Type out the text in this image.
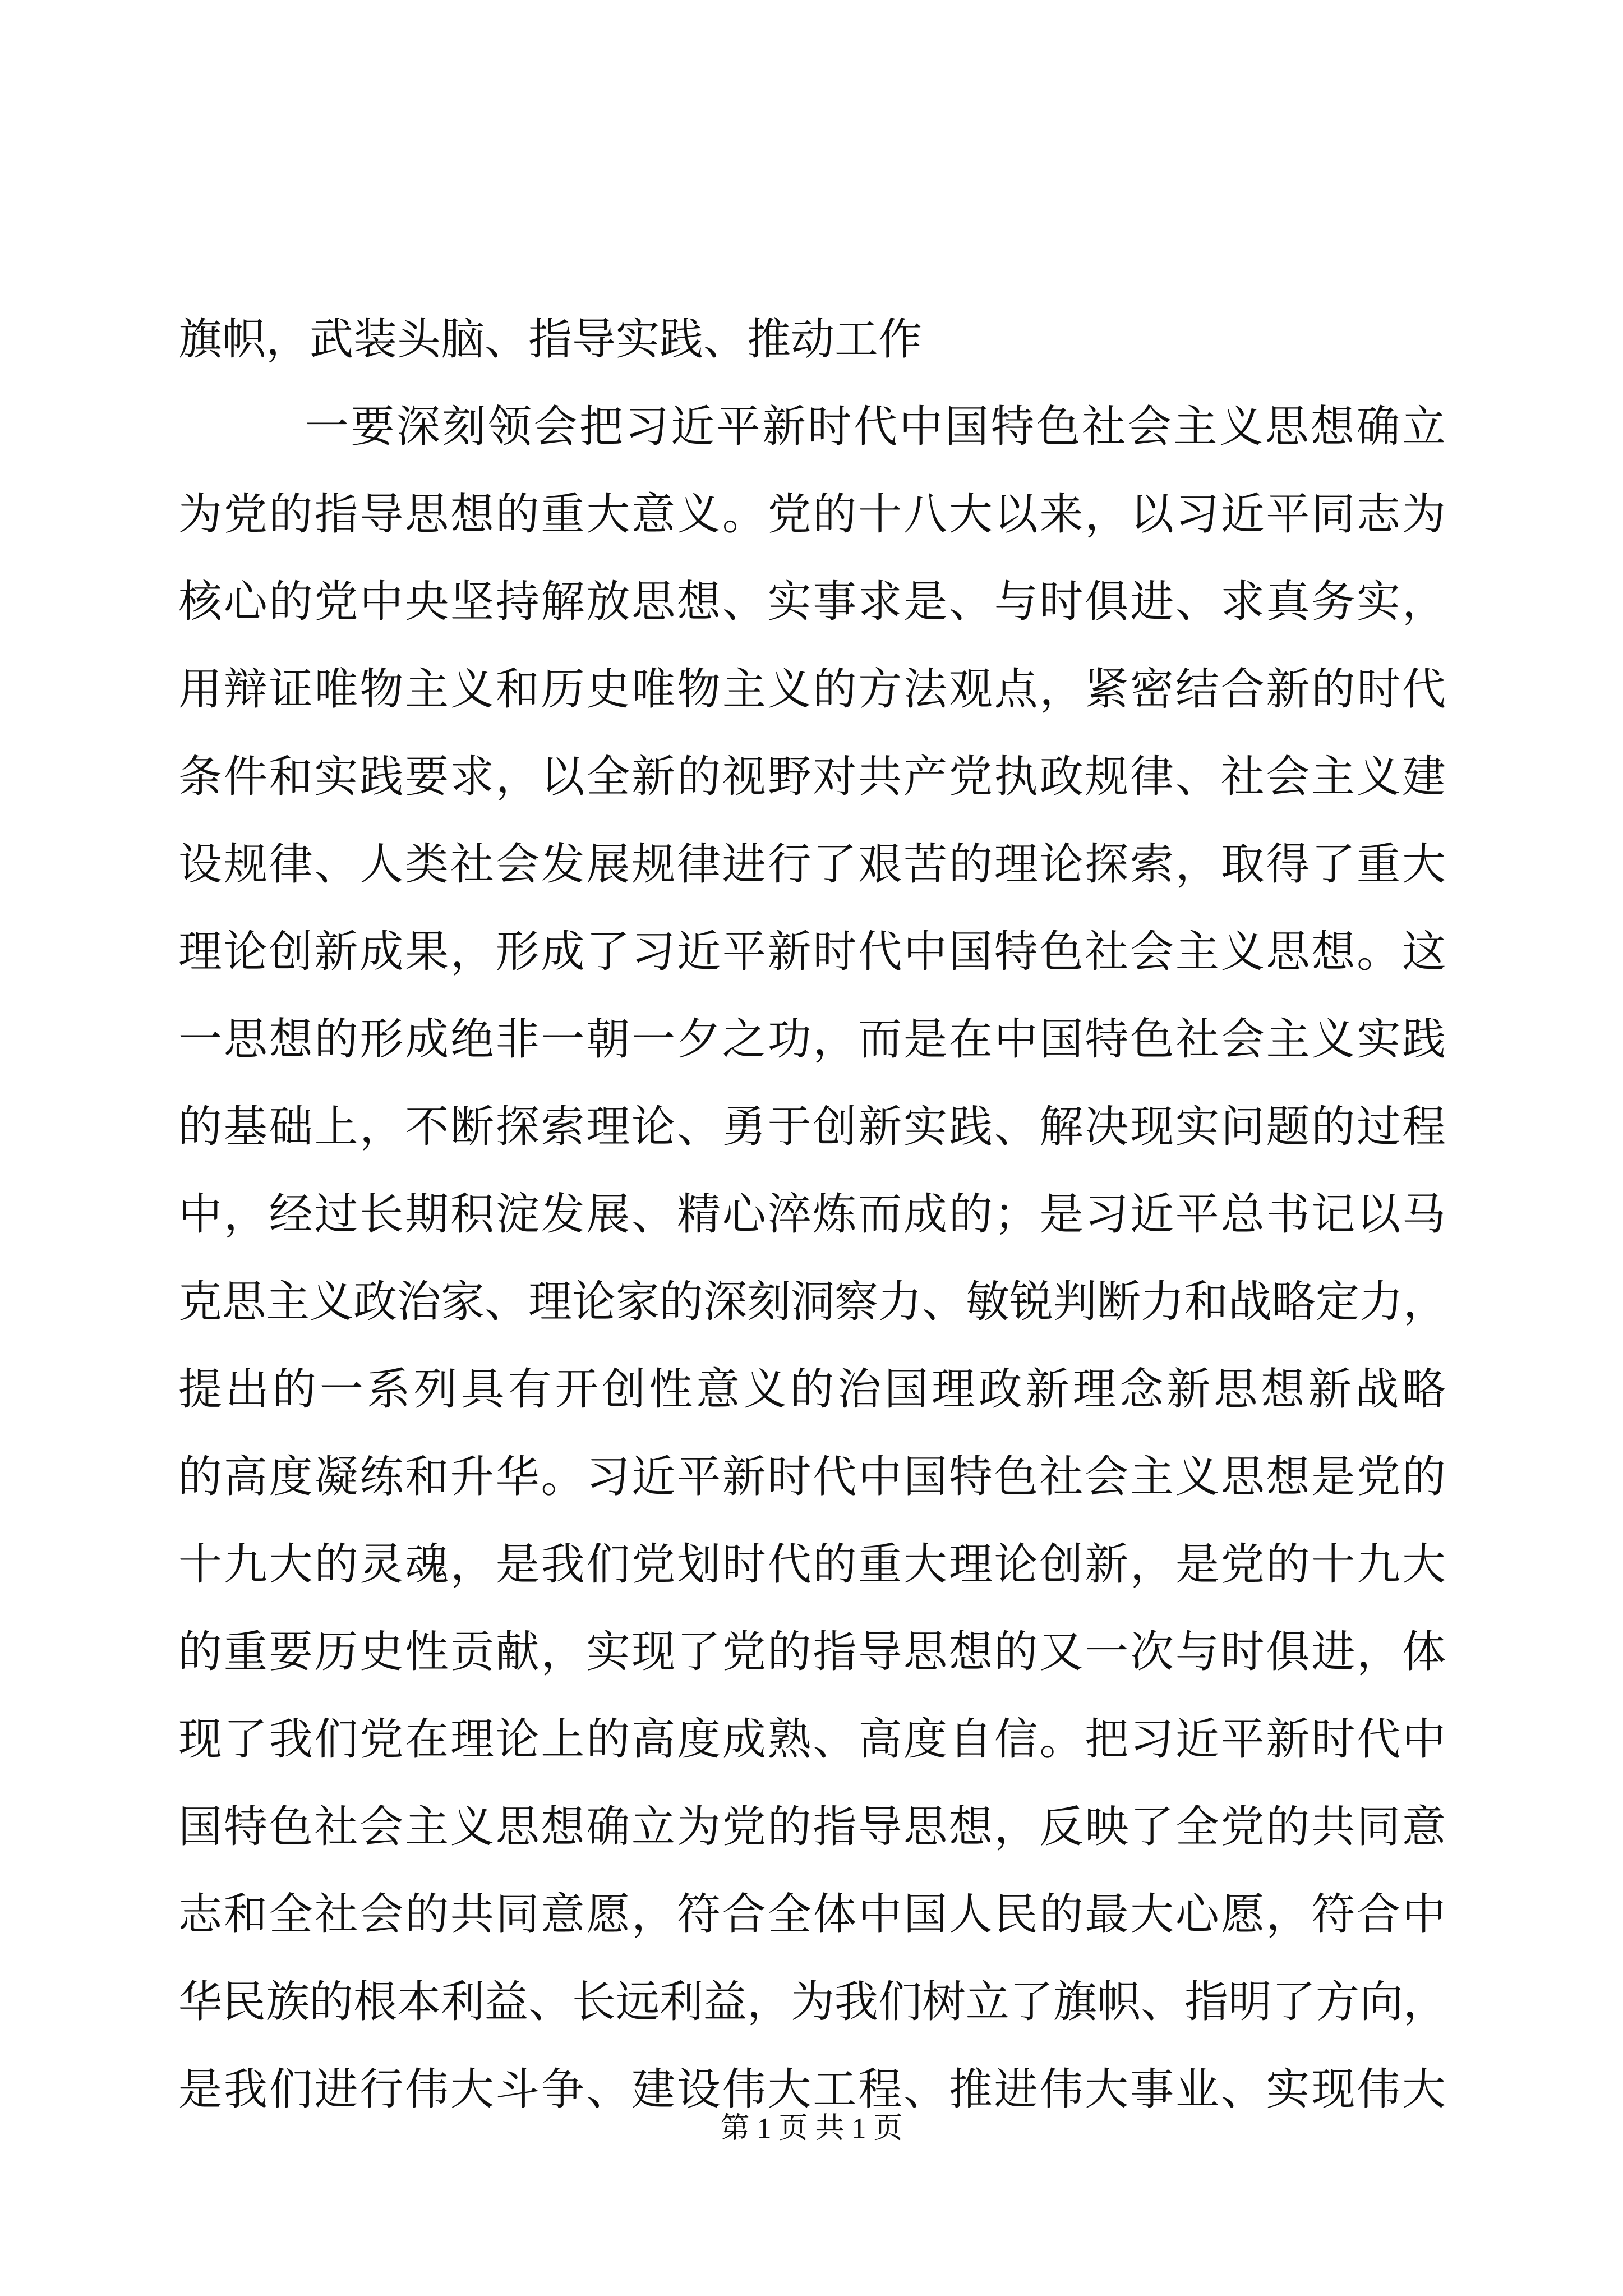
旗帜，武装头脑、指导实践、推动工作
一要深刻领会把习近平新时代中国特色社会主义思想确立
为党的指导思想的重大意义。党的十八大以来，以习近平同志为
核心的党中央坚持解放思想、实事求是、与时俱进、求真务实，
用辩证唯物主义和历史唯物主义的方法观点，紧密结合新的时代
条件和实践要求，以全新的视野对共产党执政规律、社会主义建
设规律、人类社会发展规律进行了艰苦的理论探索，取得了重大
理论创新成果，形成了习近平新时代中国特色社会主义思想。这
一思想的形成绝非一朝一夕之功，而是在中国特色社会主义实践
的基础上，不断探索理论、勇于创新实践、解决现实问题的过程
中，经过长期积淀发展、精心淬炼而成的；是习近平总书记以马
克思主义政治家、理论家的深刻洞察力、敏锐判断力和战略定力，
提出的一系列具有开创性意义的治国理政新理念新思想新战略
的高度凝练和升华。习近平新时代中国特色社会主义思想是党的
十九大的灵魂，是我们党划时代的重大理论创新，是党的十九大
的重要历史性贡献，实现了党的指导思想的又一次与时俱进，体
现了我们党在理论上的高度成熟、高度自信。把习近平新时代中
国特色社会主义思想确立为党的指导思想，反映了全党的共同意
志和全社会的共同意愿，符合全体中国人民的最大心愿，符合中
华民族的根本利益、长远利益，为我们树立了旗帜、指明了方向，
是我们进行伟大斗争、建设伟大工程、推进伟大事业、实现伟大
第 1 页 共 1 页
